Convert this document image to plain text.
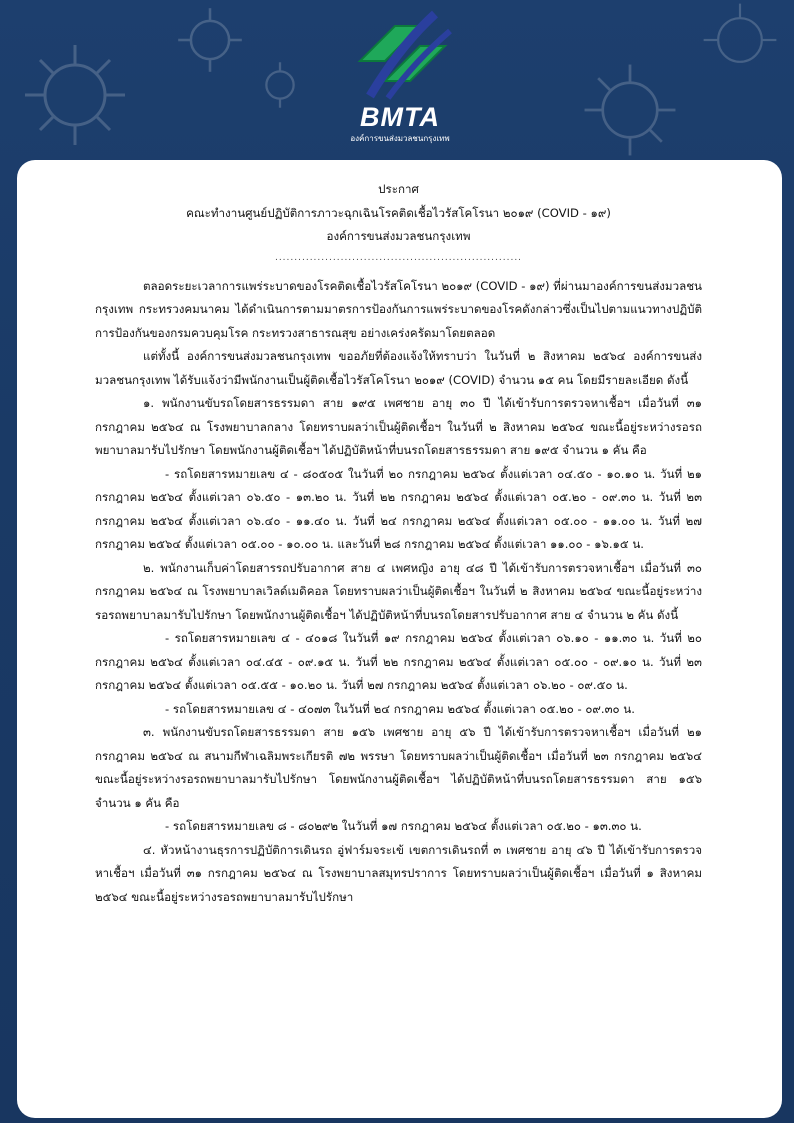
BMTA
องค์การขนส่งมวลชนกรุงเทพ
ประกาศ
คณะทำงานศูนย์ปฏิบัติการภาวะฉุกเฉินโรคติดเชื้อไวรัสโคโรนา ๒๐๑๙ (COVID - ๑๙)
องค์การขนส่งมวลชนกรุงเทพ
................................................................

ตลอดระยะเวลาการแพร่ระบาดของโรคติดเชื้อไวรัสโคโรนา ๒๐๑๙ (COVID - ๑๙) ที่ผ่านมาองค์การขนส่งมวลชนกรุงเทพ กระทรวงคมนาคม ได้ดำเนินการตามมาตรการป้องกันการแพร่ระบาดของโรคดังกล่าวซึ่งเป็นไปตามแนวทางปฏิบัติการป้องกันของกรมควบคุมโรค กระทรวงสาธารณสุข อย่างเคร่งครัดมาโดยตลอด

แต่ทั้งนี้ องค์การขนส่งมวลชนกรุงเทพ ขออภัยที่ต้องแจ้งให้ทราบว่า ในวันที่ ๒ สิงหาคม ๒๕๖๔ องค์การขนส่งมวลชนกรุงเทพ ได้รับแจ้งว่ามีพนักงานเป็นผู้ติดเชื้อไวรัสโคโรนา ๒๐๑๙ (COVID) จำนวน ๑๕ คน โดยมีรายละเอียด ดังนี้

๑. พนักงานขับรถโดยสารธรรมดา สาย ๑๙๕ เพศชาย อายุ ๓๐ ปี ได้เข้ารับการตรวจหาเชื้อฯ เมื่อวันที่ ๓๑ กรกฎาคม ๒๕๖๔ ณ โรงพยาบาลกลาง โดยทราบผลว่าเป็นผู้ติดเชื้อฯ ในวันที่ ๒ สิงหาคม ๒๕๖๔ ขณะนี้อยู่ระหว่างรอรถพยาบาลมารับไปรักษา โดยพนักงานผู้ติดเชื้อฯ ได้ปฏิบัติหน้าที่บนรถโดยสารธรรมดา สาย ๑๙๕ จำนวน ๑ คัน คือ

- รถโดยสารหมายเลข ๔ - ๘๐๕๐๕ ในวันที่ ๒๐ กรกฎาคม ๒๕๖๔ ตั้งแต่เวลา ๐๔.๕๐ - ๑๐.๑๐ น. วันที่ ๒๑ กรกฎาคม ๒๕๖๔ ตั้งแต่เวลา ๐๖.๕๐ - ๑๓.๒๐ น. วันที่ ๒๒ กรกฎาคม ๒๕๖๔ ตั้งแต่เวลา ๐๕.๒๐ - ๐๙.๓๐ น. วันที่ ๒๓ กรกฎาคม ๒๕๖๔ ตั้งแต่เวลา ๐๖.๔๐ - ๑๑.๔๐ น. วันที่ ๒๔ กรกฎาคม ๒๕๖๔ ตั้งแต่เวลา ๐๕.๐๐ - ๑๑.๐๐ น. วันที่ ๒๗ กรกฎาคม ๒๕๖๔ ตั้งแต่เวลา ๐๕.๐๐ - ๑๐.๐๐ น. และวันที่ ๒๘ กรกฎาคม ๒๕๖๔ ตั้งแต่เวลา ๑๑.๐๐ - ๑๖.๑๕ น.

๒. พนักงานเก็บค่าโดยสารรถปรับอากาศ สาย ๔ เพศหญิง อายุ ๔๘ ปี ได้เข้ารับการตรวจหาเชื้อฯ เมื่อวันที่ ๓๐ กรกฎาคม ๒๕๖๔ ณ โรงพยาบาลเวิลด์เมดิคอล โดยทราบผลว่าเป็นผู้ติดเชื้อฯ ในวันที่ ๒ สิงหาคม ๒๕๖๔ ขณะนี้อยู่ระหว่างรอรถพยาบาลมารับไปรักษา โดยพนักงานผู้ติดเชื้อฯ ได้ปฏิบัติหน้าที่บนรถโดยสารปรับอากาศ สาย ๔ จำนวน ๒ คัน ดังนี้

- รถโดยสารหมายเลข ๔ - ๔๐๑๘ ในวันที่ ๑๙ กรกฎาคม ๒๕๖๔ ตั้งแต่เวลา ๐๖.๑๐ - ๑๑.๓๐ น. วันที่ ๒๐ กรกฎาคม ๒๕๖๔ ตั้งแต่เวลา ๐๔.๔๕ - ๐๙.๑๕ น. วันที่ ๒๒ กรกฎาคม ๒๕๖๔ ตั้งแต่เวลา ๐๕.๐๐ - ๐๙.๑๐ น. วันที่ ๒๓ กรกฎาคม ๒๕๖๔ ตั้งแต่เวลา ๐๕.๕๕ - ๑๐.๒๐ น. วันที่ ๒๗ กรกฎาคม ๒๕๖๔ ตั้งแต่เวลา ๐๖.๒๐ - ๐๙.๕๐ น.

- รถโดยสารหมายเลข ๔ - ๔๐๗๓ ในวันที่ ๒๔ กรกฎาคม ๒๕๖๔ ตั้งแต่เวลา ๐๕.๒๐ - ๐๙.๓๐ น.

๓. พนักงานขับรถโดยสารธรรมดา สาย ๑๕๖ เพศชาย อายุ ๕๖ ปี ได้เข้ารับการตรวจหาเชื้อฯ เมื่อวันที่ ๒๑ กรกฎาคม ๒๕๖๔ ณ สนามกีฬาเฉลิมพระเกียรติ ๗๒ พรรษา โดยทราบผลว่าเป็นผู้ติดเชื้อฯ เมื่อวันที่ ๒๓ กรกฎาคม ๒๕๖๔ ขณะนี้อยู่ระหว่างรอรถพยาบาลมารับไปรักษา โดยพนักงานผู้ติดเชื้อฯ ได้ปฏิบัติหน้าที่บนรถโดยสารธรรมดา สาย ๑๕๖ จำนวน ๑ คัน คือ

- รถโดยสารหมายเลข ๘ - ๘๐๒๙๒ ในวันที่ ๑๗ กรกฎาคม ๒๕๖๔ ตั้งแต่เวลา ๐๕.๒๐ - ๑๓.๓๐ น.

๔. หัวหน้างานธุรการปฏิบัติการเดินรถ อู่ฟาร์มจระเข้ เขตการเดินรถที่ ๓ เพศชาย อายุ ๔๖ ปี ได้เข้ารับการตรวจหาเชื้อฯ เมื่อวันที่ ๓๑ กรกฎาคม ๒๕๖๔ ณ โรงพยาบาลสมุทรปราการ โดยทราบผลว่าเป็นผู้ติดเชื้อฯ เมื่อวันที่ ๑ สิงหาคม ๒๕๖๔ ขณะนี้อยู่ระหว่างรอรถพยาบาลมารับไปรักษา
